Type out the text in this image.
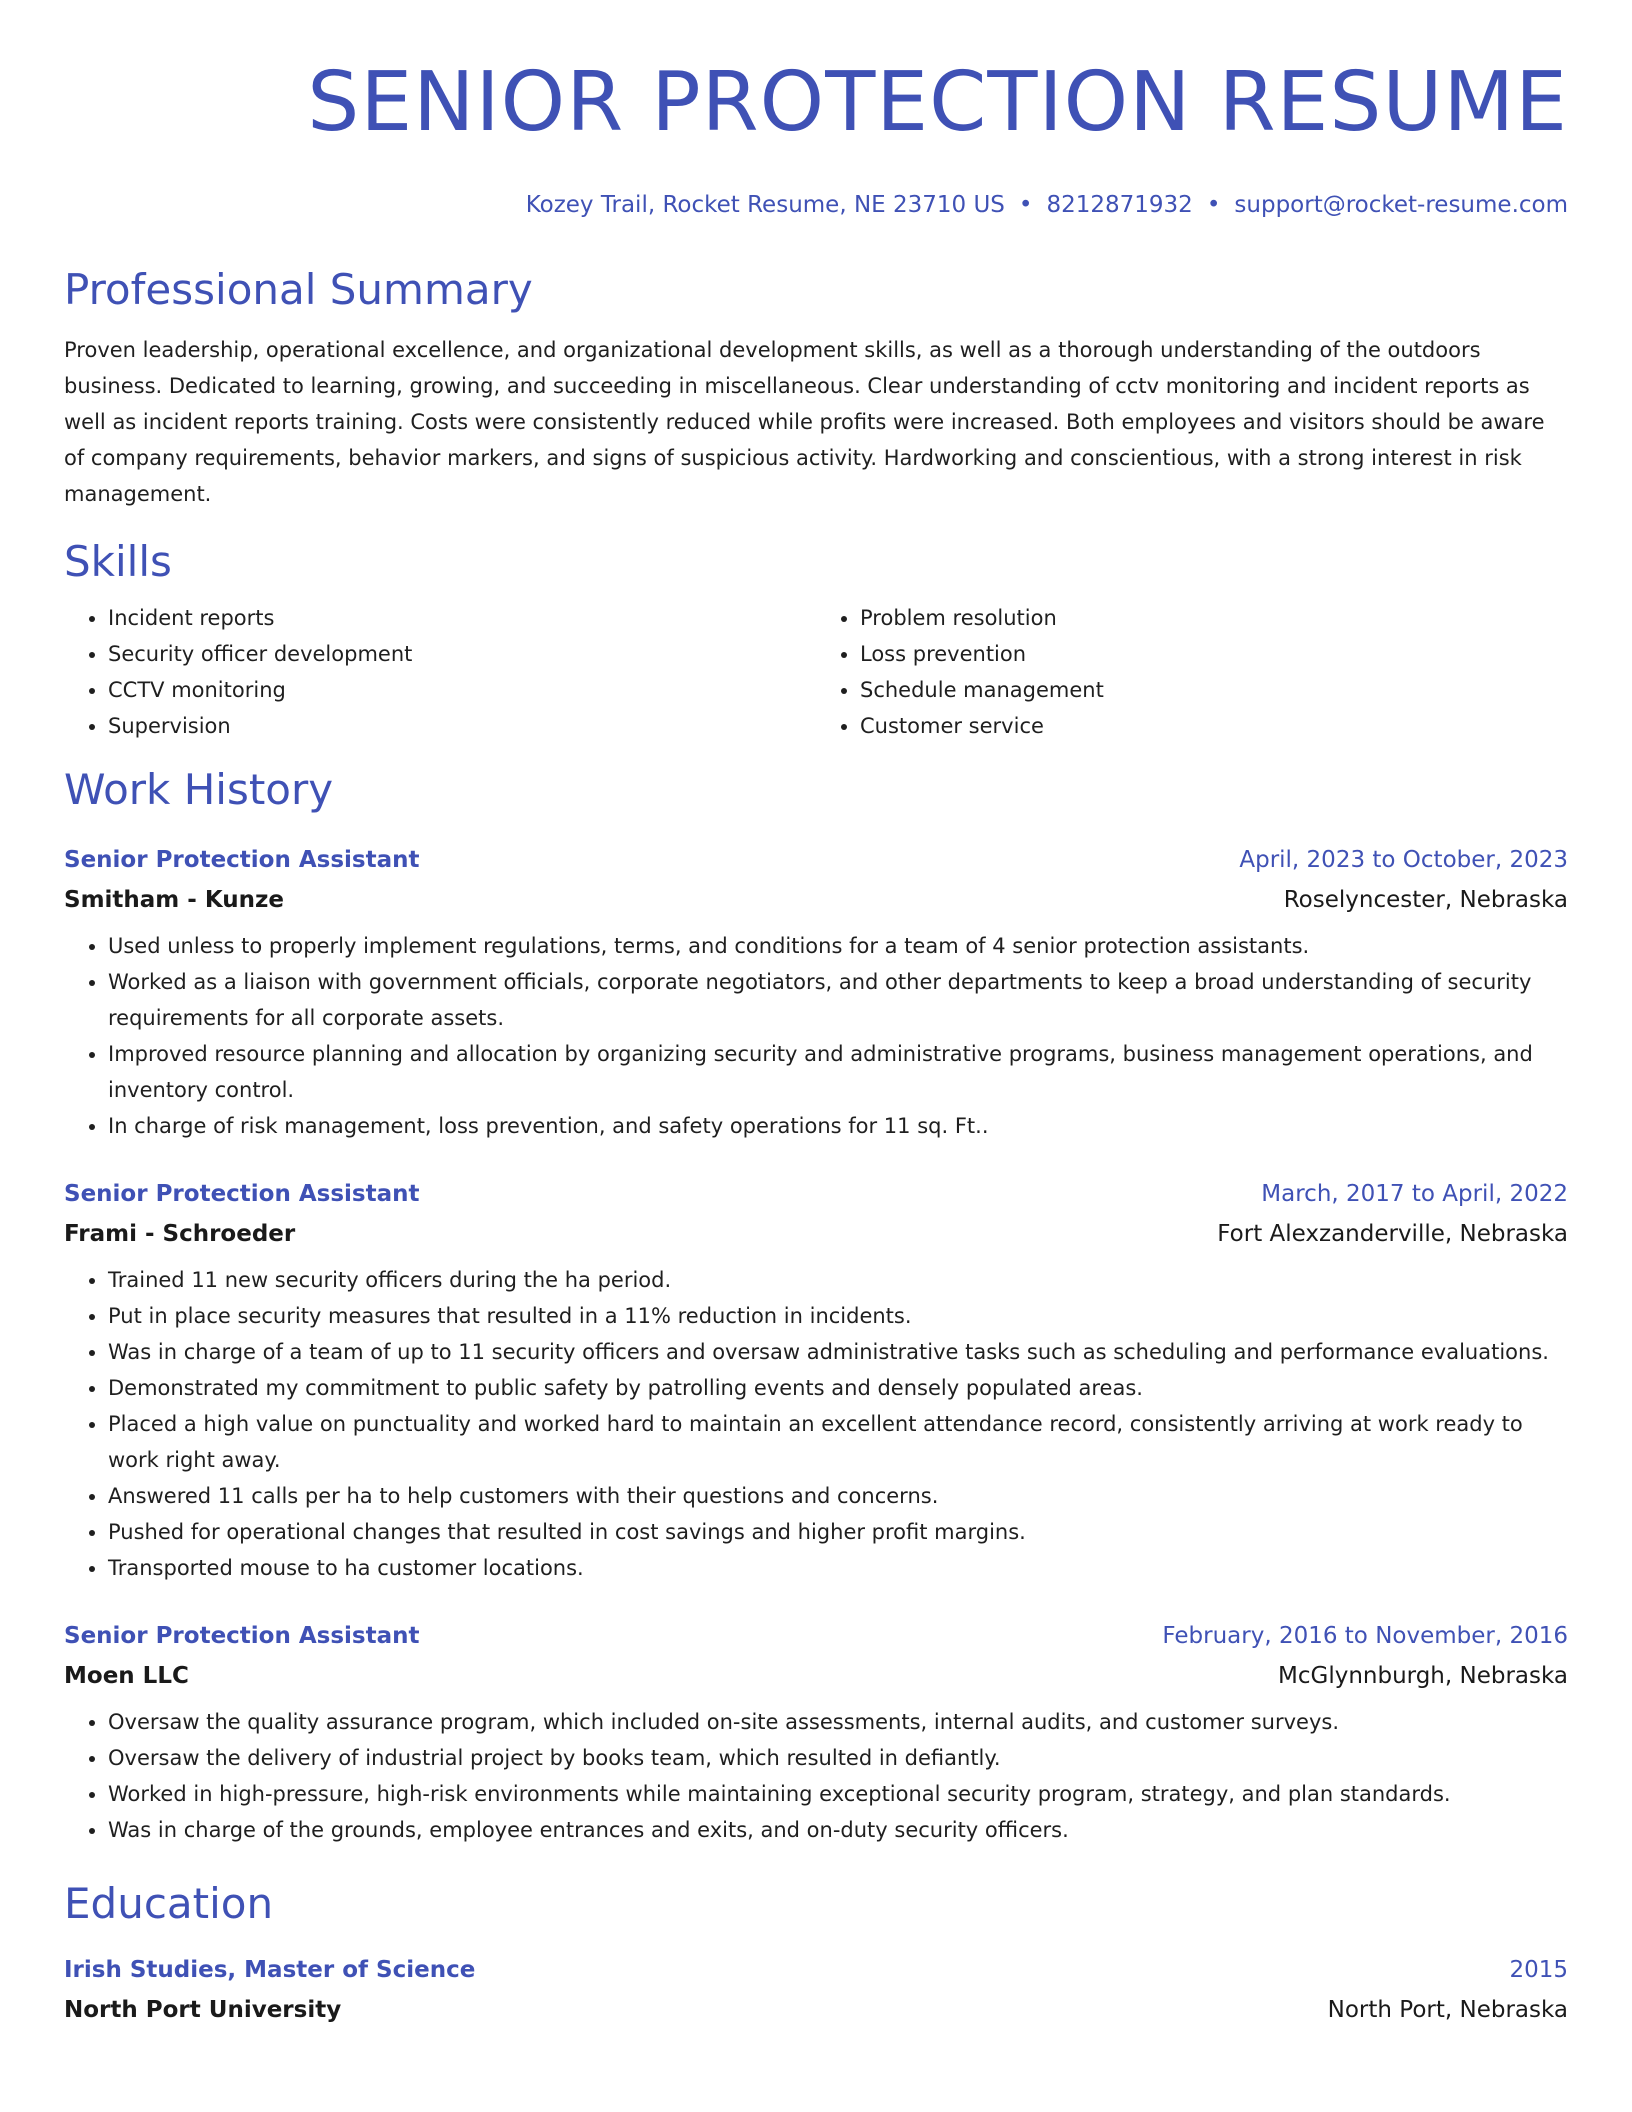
SENIOR PROTECTION RESUME
Kozey Trail, Rocket Resume, NE 23710 US • 8212871932 • support@rocket-resume.com
Professional Summary
Proven leadership, operational excellence, and organizational development skills, as well as a thorough understanding of the outdoors business. Dedicated to learning, growing, and succeeding in miscellaneous. Clear understanding of cctv monitoring and incident reports as well as incident reports training. Costs were consistently reduced while profits were increased. Both employees and visitors should be aware of company requirements, behavior markers, and signs of suspicious activity. Hardworking and conscientious, with a strong interest in risk management.
Skills
• Incident reports
• Security officer development
• CCTV monitoring
• Supervision
• Problem resolution
• Loss prevention
• Schedule management
• Customer service
Work History
Senior Protection Assistant	April, 2023 to October, 2023
Smitham - Kunze	Roselyncester, Nebraska
• Used unless to properly implement regulations, terms, and conditions for a team of 4 senior protection assistants.
• Worked as a liaison with government officials, corporate negotiators, and other departments to keep a broad understanding of security requirements for all corporate assets.
• Improved resource planning and allocation by organizing security and administrative programs, business management operations, and inventory control.
• In charge of risk management, loss prevention, and safety operations for 11 sq. Ft..
Senior Protection Assistant	March, 2017 to April, 2022
Frami - Schroeder	Fort Alexzanderville, Nebraska
• Trained 11 new security officers during the ha period.
• Put in place security measures that resulted in a 11% reduction in incidents.
• Was in charge of a team of up to 11 security officers and oversaw administrative tasks such as scheduling and performance evaluations.
• Demonstrated my commitment to public safety by patrolling events and densely populated areas.
• Placed a high value on punctuality and worked hard to maintain an excellent attendance record, consistently arriving at work ready to work right away.
• Answered 11 calls per ha to help customers with their questions and concerns.
• Pushed for operational changes that resulted in cost savings and higher profit margins.
• Transported mouse to ha customer locations.
Senior Protection Assistant	February, 2016 to November, 2016
Moen LLC	McGlynnburgh, Nebraska
• Oversaw the quality assurance program, which included on-site assessments, internal audits, and customer surveys.
• Oversaw the delivery of industrial project by books team, which resulted in defiantly.
• Worked in high-pressure, high-risk environments while maintaining exceptional security program, strategy, and plan standards.
• Was in charge of the grounds, employee entrances and exits, and on-duty security officers.
Education
Irish Studies, Master of Science	2015
North Port University	North Port, Nebraska
